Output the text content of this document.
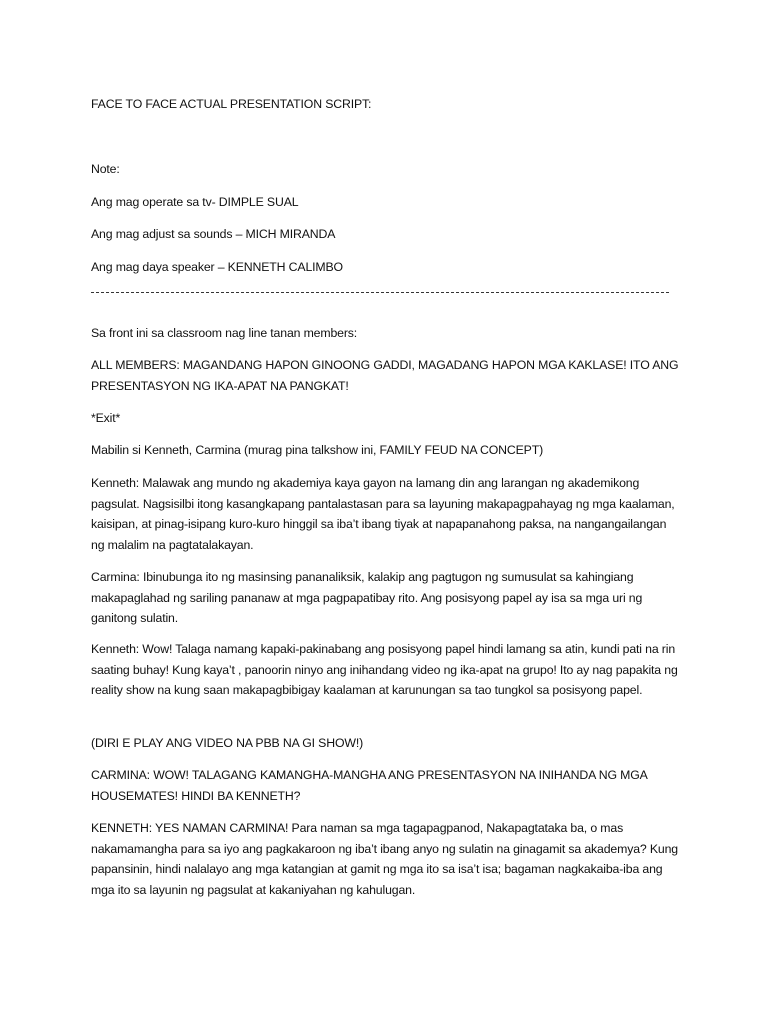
FACE TO FACE ACTUAL PRESENTATION SCRIPT:
Note:
Ang mag operate sa tv- DIMPLE SUAL
Ang mag adjust sa sounds – MICH MIRANDA
Ang mag daya speaker – KENNETH CALIMBO
Sa front ini sa classroom nag line tanan members:
ALL MEMBERS: MAGANDANG HAPON GINOONG GADDI, MAGADANG HAPON MGA KAKLASE! ITO ANG PRESENTASYON NG IKA-APAT NA PANGKAT!
*Exit*
Mabilin si Kenneth, Carmina (murag pina talkshow ini, FAMILY FEUD NA CONCEPT)
Kenneth: Malawak ang mundo ng akademiya kaya gayon na lamang din ang larangan ng akademikong pagsulat. Nagsisilbi itong kasangkapang pantalastasan para sa layuning makapagpahayag ng mga kaalaman, kaisipan, at pinag-isipang kuro-kuro hinggil sa iba’t ibang tiyak at napapanahong paksa, na nangangailangan ng malalim na pagtatalakayan.
Carmina: Ibinubunga ito ng masinsing pananaliksik, kalakip ang pagtugon ng sumusulat sa kahingiang makapaglahad ng sariling pananaw at mga pagpapatibay rito. Ang posisyong papel ay isa sa mga uri ng ganitong sulatin.
Kenneth: Wow! Talaga namang kapaki-pakinabang ang posisyong papel hindi lamang sa atin, kundi pati na rin saating buhay! Kung kaya’t , panoorin ninyo ang inihandang video ng ika-apat na grupo! Ito ay nag papakita ng reality show na kung saan makapagbibigay kaalaman at karunungan sa tao tungkol sa posisyong papel.
(DIRI E PLAY ANG VIDEO NA PBB NA GI SHOW!)
CARMINA: WOW! TALAGANG KAMANGHA-MANGHA ANG PRESENTASYON NA INIHANDA NG MGA HOUSEMATES! HINDI BA KENNETH?
KENNETH: YES NAMAN CARMINA! Para naman sa mga tagapagpanod, Nakapagtataka ba, o mas nakamamangha para sa iyo ang pagkakaroon ng iba’t ibang anyo ng sulatin na ginagamit sa akademya? Kung papansinin, hindi nalalayo ang mga katangian at gamit ng mga ito sa isa’t isa; bagaman nagkakaiba-iba ang mga ito sa layunin ng pagsulat at kakaniyahan ng kahulugan.
